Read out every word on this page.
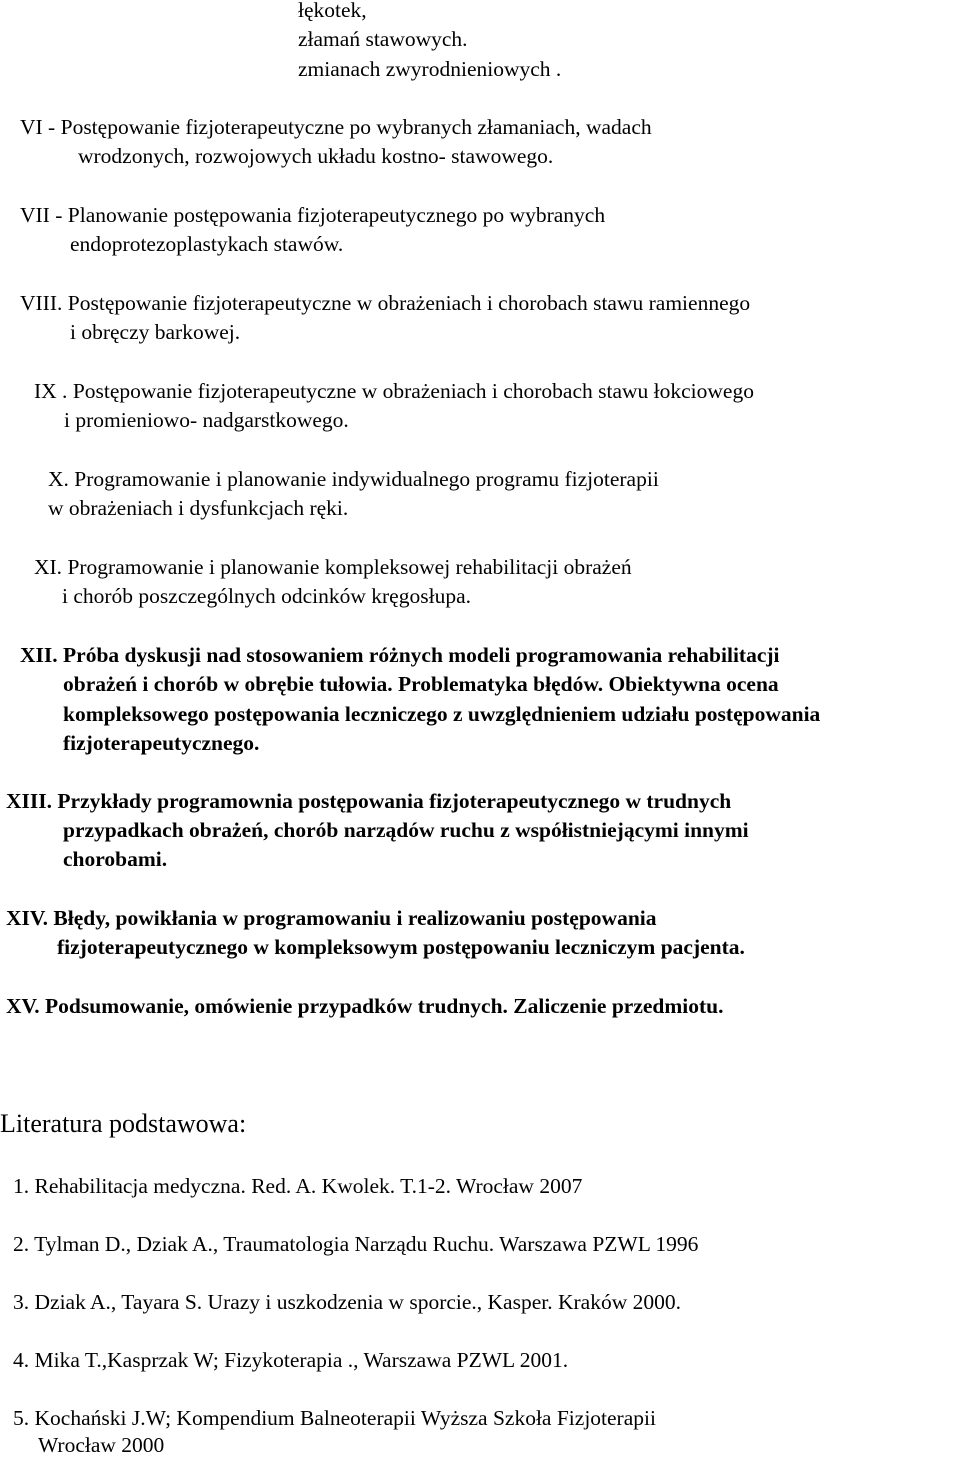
łękotek,
złamań stawowych.
zmianach zwyrodnieniowych .
VI - Postępowanie fizjoterapeutyczne po wybranych złamaniach, wadach
wrodzonych, rozwojowych układu kostno- stawowego.
VII - Planowanie postępowania fizjoterapeutycznego po wybranych
endoprotezoplastykach stawów.
VIII. Postępowanie fizjoterapeutyczne w obrażeniach i chorobach stawu ramiennego
i obręczy barkowej.
IX . Postępowanie fizjoterapeutyczne w obrażeniach i chorobach stawu łokciowego
i promieniowo- nadgarstkowego.
X. Programowanie i planowanie indywidualnego programu fizjoterapii
w obrażeniach i dysfunkcjach ręki.
XI. Programowanie i planowanie kompleksowej rehabilitacji obrażeń
i chorób poszczególnych odcinków kręgosłupa.
XII. Próba dyskusji nad stosowaniem różnych modeli programowania rehabilitacji
obrażeń i chorób w obrębie tułowia. Problematyka błędów. Obiektywna ocena
kompleksowego postępowania leczniczego z uwzględnieniem udziału postępowania
fizjoterapeutycznego.
XIII. Przykłady programownia postępowania fizjoterapeutycznego w trudnych
przypadkach obrażeń, chorób narządów ruchu z współistniejącymi innymi
chorobami.
XIV. Błędy, powikłania w programowaniu i realizowaniu postępowania
fizjoterapeutycznego w kompleksowym postępowaniu leczniczym pacjenta.
XV. Podsumowanie, omówienie przypadków trudnych. Zaliczenie przedmiotu.
Literatura podstawowa:
1. Rehabilitacja medyczna. Red. A. Kwolek. T.1-2. Wrocław 2007
2. Tylman D., Dziak A., Traumatologia Narządu Ruchu. Warszawa PZWL 1996
3. Dziak A., Tayara S. Urazy i uszkodzenia w sporcie., Kasper. Kraków 2000.
4. Mika T.,Kasprzak W; Fizykoterapia ., Warszawa PZWL 2001.
5. Kochański J.W; Kompendium Balneoterapii Wyższa Szkoła Fizjoterapii
Wrocław 2000
